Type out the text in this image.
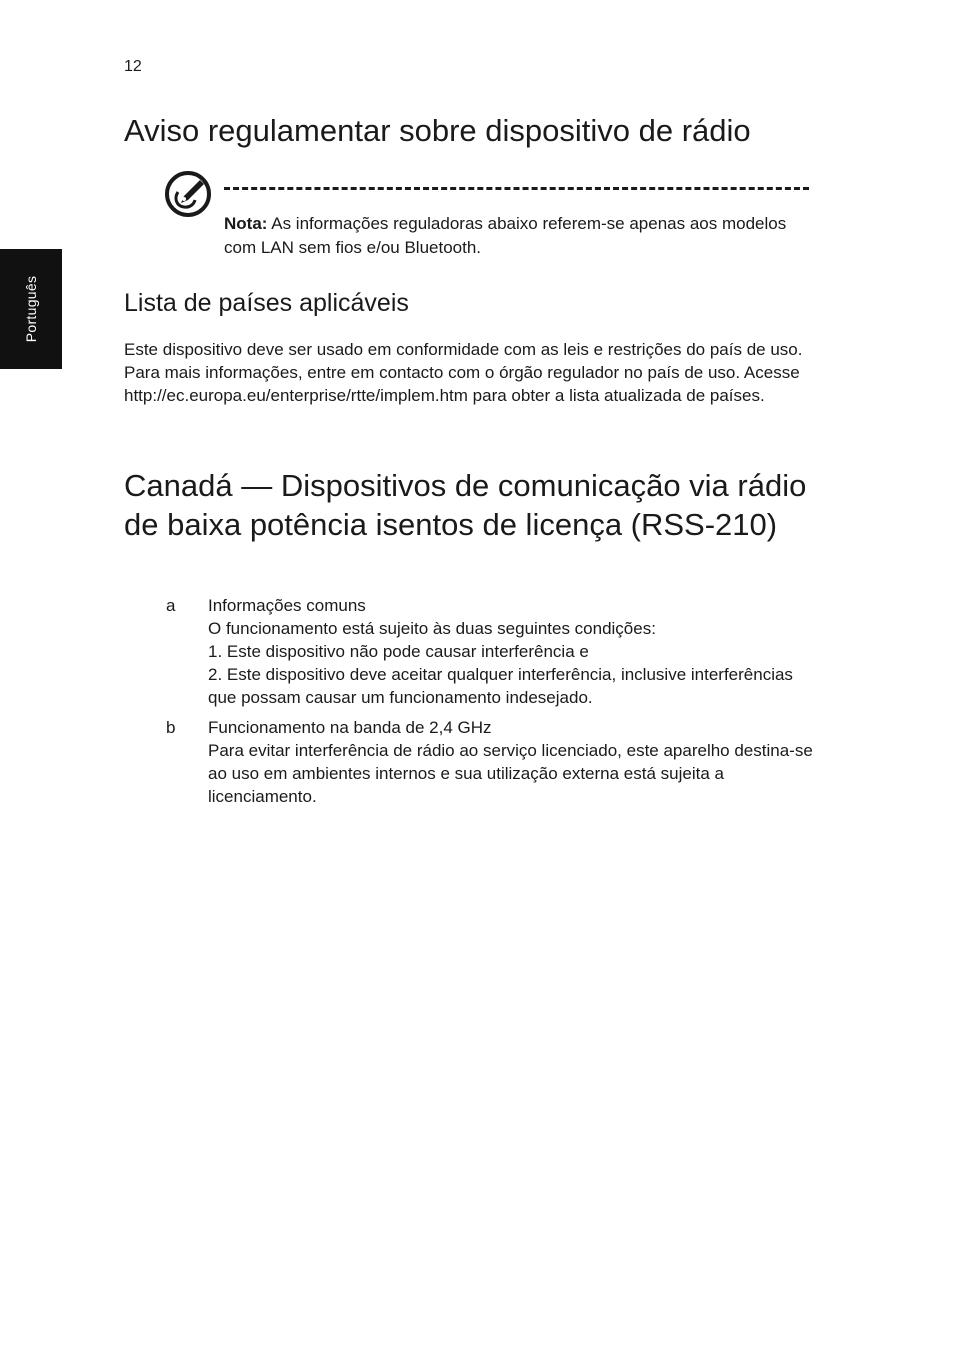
12
Português
Aviso regulamentar sobre dispositivo de rádio
Nota: As informações reguladoras abaixo referem-se apenas aos modelos com LAN sem fios e/ou Bluetooth.
Lista de países aplicáveis

Este dispositivo deve ser usado em conformidade com as leis e restrições do país de uso. Para mais informações, entre em contacto com o órgão regulador no país de uso. Acesse http://ec.europa.eu/enterprise/rtte/implem.htm para obter a lista atualizada de países.

Canadá — Dispositivos de comunicação via rádio de baixa potência isentos de licença (RSS-210)
a	Informações comuns

O funcionamento está sujeito às duas seguintes condições:

1. Este dispositivo não pode causar interferência e

2. Este dispositivo deve aceitar qualquer interferência, inclusive interferências que possam causar um funcionamento indesejado.

b	Funcionamento na banda de 2,4 GHz

Para evitar interferência de rádio ao serviço licenciado, este aparelho destina-se ao uso em ambientes internos e sua utilização externa está sujeita a licenciamento.
